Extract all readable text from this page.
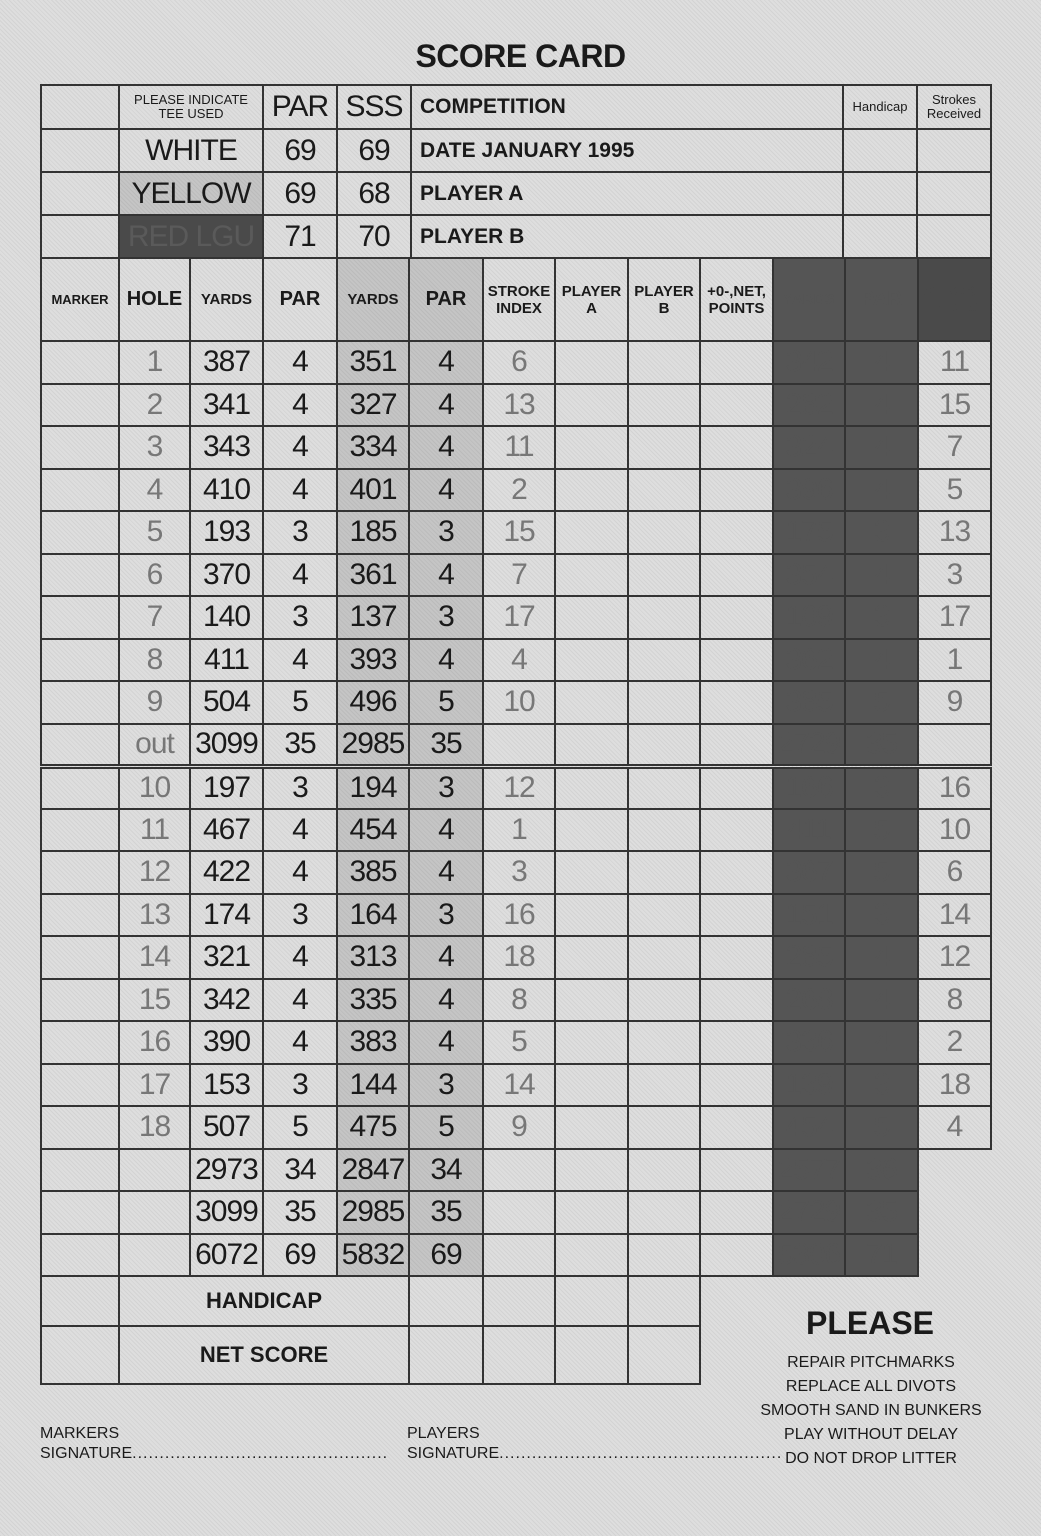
SCORE CARD
	PLEASE INDICATE TEE USED	PAR	SSS	COMPETITION	Handicap	Strokes Received
	WHITE	69	69	DATE JANUARY 1995		
	YELLOW	69	68	PLAYER A		
	RED LGU	71	70	PLAYER B		
MARKER	HOLE	YARDS	PAR	YARDS	PAR	STROKE INDEX	PLAYER A	PLAYER B	+0-,NET, POINTS	YARDS	PAR	STROKE INDEX
	1	387	4	351	4	6				342	4	11
	2	341	4	327	4	13				282	4	15
	3	343	4	334	4	11				324	4	7
	4	410	4	401	4	2				396	4	5
	5	193	3	185	3	15				175	3	13
	6	370	4	361	4	7				354	4	3
	7	140	3	137	3	17				109	3	17
	8	411	4	393	4	4				362	4	1
	9	504	5	496	5	10				385	5	9
	out	3099	35	2985	35					2729	35	
	10	197	3	194	3	12				166	3	16
	11	467	4	454	4	1				411	5	10
	12	422	4	385	4	3				367	5	6
	13	174	3	164	3	16				151	3	14
	14	321	4	313	4	18				285	4	12
	15	342	4	335	4	8				268	4	8
	16	390	4	383	4	5				336	4	2
	17	153	3	144	3	14				139	3	18
	18	507	5	475	5	9				454	5	4
		2973	34	2847	34					2577	36	
		3099	35	2985	35					2729	35	
		6072	69	5832	69					5306	71	
	HANDICAP											
	NET SCORE											
PLEASE
REPAIR PITCHMARKS
REPLACE ALL DIVOTS
SMOOTH SAND IN BUNKERS
PLAY WITHOUT DELAY
DO NOT DROP LITTER
MARKERS
SIGNATURE...............................................
PLAYERS
SIGNATURE....................................................
